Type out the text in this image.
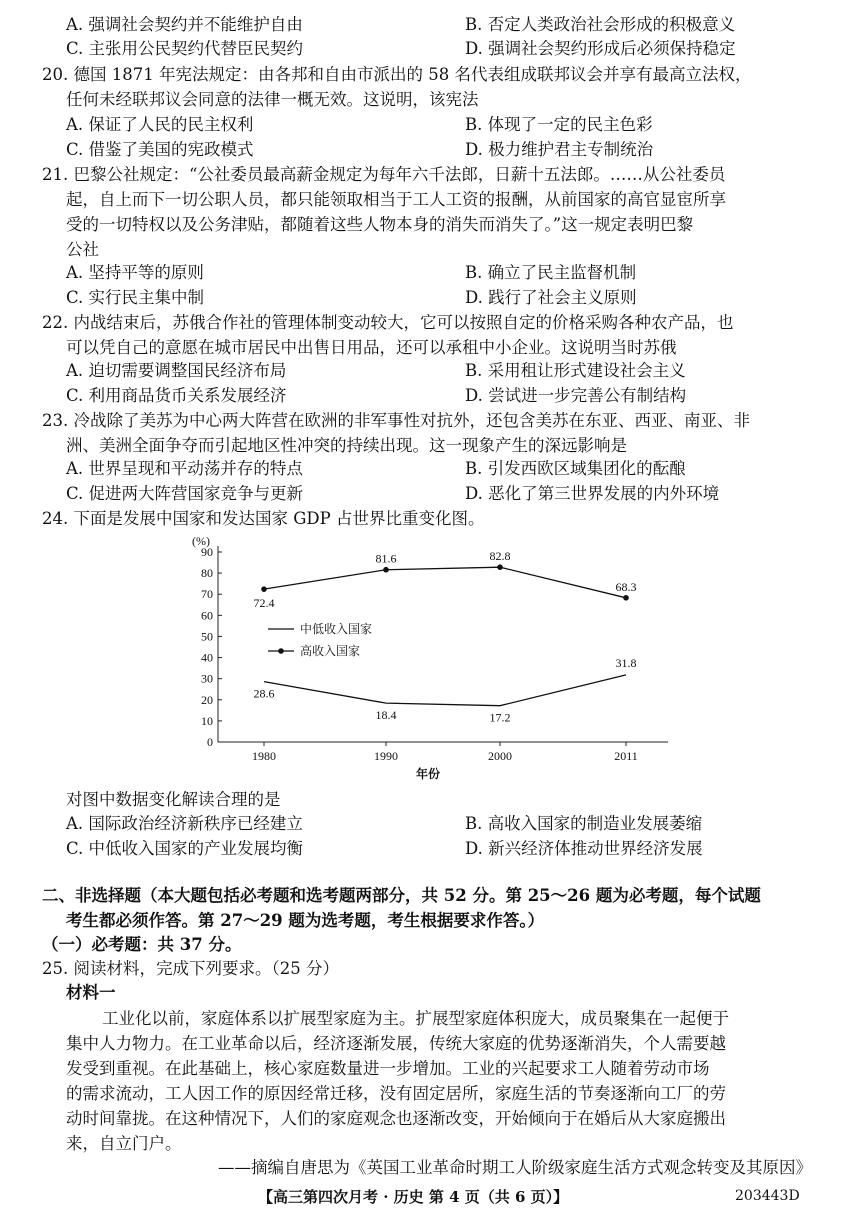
A. 强调社会契约并不能维护自由	B. 否定人类政治社会形成的积极意义
C. 主张用公民契约代替臣民契约	D. 强调社会契约形成后必须保持稳定
20. 德国 1871 年宪法规定：由各邦和自由市派出的 58 名代表组成联邦议会并享有最高立法权，
任何未经联邦议会同意的法律一概无效。这说明，该宪法
A. 保证了人民的民主权利	B. 体现了一定的民主色彩
C. 借鉴了美国的宪政模式	D. 极力维护君主专制统治
21. 巴黎公社规定：“公社委员最高薪金规定为每年六千法郎，日薪十五法郎。……从公社委员
起，自上而下一切公职人员，都只能领取相当于工人工资的报酬，从前国家的高官显宦所享
受的一切特权以及公务津贴，都随着这些人物本身的消失而消失了。”这一规定表明巴黎
公社
A. 坚持平等的原则	B. 确立了民主监督机制
C. 实行民主集中制	D. 践行了社会主义原则
22. 内战结束后，苏俄合作社的管理体制变动较大，它可以按照自定的价格采购各种农产品，也
可以凭自己的意愿在城市居民中出售日用品，还可以承租中小企业。这说明当时苏俄
A. 迫切需要调整国民经济布局	B. 采用租让形式建设社会主义
C. 利用商品货币关系发展经济	D. 尝试进一步完善公有制结构
23. 冷战除了美苏为中心两大阵营在欧洲的非军事性对抗外，还包含美苏在东亚、西亚、南亚、非
洲、美洲全面争夺而引起地区性冲突的持续出现。这一现象产生的深远影响是
A. 世界呈现和平动荡并存的特点	B. 引发西欧区域集团化的酝酿
C. 促进两大阵营国家竞争与更新	D. 恶化了第三世界发展的内外环境
24. 下面是发展中国家和发达国家 GDP 占世界比重变化图。
0
10
20
30
40
50
60
70
80
90
(%)
1980	1990	2000	2011
年份
28.6
18.4	17.2
31.8
72.4
81.6	82.8
68.3
中低收入国家
高收入国家
对图中数据变化解读合理的是
A. 国际政治经济新秩序已经建立	B. 高收入国家的制造业发展萎缩
C. 中低收入国家的产业发展均衡	D. 新兴经济体推动世界经济发展
二、非选择题（本大题包括必考题和选考题两部分，共 52 分。第 25～26 题为必考题，每个试题
考生都必须作答。第 27～29 题为选考题，考生根据要求作答。）
（一）必考题：共 37 分。
25. 阅读材料，完成下列要求。（25 分）
材料一
工业化以前，家庭体系以扩展型家庭为主。扩展型家庭体积庞大，成员聚集在一起便于
集中人力物力。在工业革命以后，经济逐渐发展，传统大家庭的优势逐渐消失，个人需要越
发受到重视。在此基础上，核心家庭数量进一步增加。工业的兴起要求工人随着劳动市场
的需求流动，工人因工作的原因经常迁移，没有固定居所，家庭生活的节奏逐渐向工厂的劳
动时间靠拢。在这种情况下，人们的家庭观念也逐渐改变，开始倾向于在婚后从大家庭搬出
来，自立门户。
——摘编自唐思为《英国工业革命时期工人阶级家庭生活方式观念转变及其原因》
【高三第四次月考 · 历史 第 4 页（共 6 页）】	203443D
